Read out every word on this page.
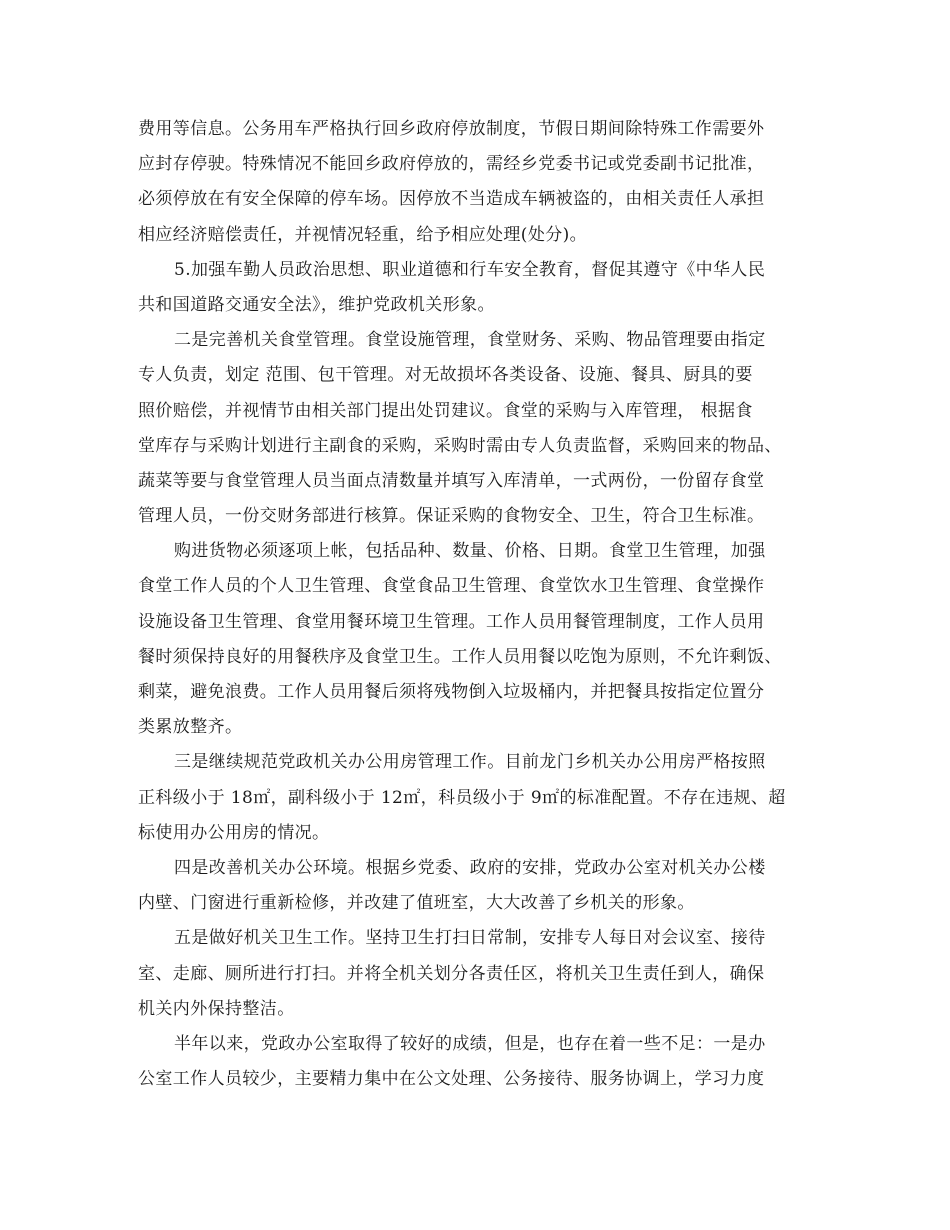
费用等信息。公务用车严格执行回乡政府停放制度，节假日期间除特殊工作需要外
应封存停驶。特殊情况不能回乡政府停放的，需经乡党委书记或党委副书记批准，
必须停放在有安全保障的停车场。因停放不当造成车辆被盗的，由相关责任人承担
相应经济赔偿责任，并视情况轻重，给予相应处理(处分)。
5.加强车勤人员政治思想、职业道德和行车安全教育，督促其遵守《中华人民
共和国道路交通安全法》，维护党政机关形象。
二是完善机关食堂管理。食堂设施管理，食堂财务、采购、物品管理要由指定
专人负责，划定 范围、包干管理。对无故损坏各类设备、设施、餐具、厨具的要
照价赔偿，并视情节由相关部门提出处罚建议。食堂的采购与入库管理， 根据食
堂库存与采购计划进行主副食的采购，采购时需由专人负责监督，采购回来的物品、
蔬菜等要与食堂管理人员当面点清数量并填写入库清单，一式两份，一份留存食堂
管理人员，一份交财务部进行核算。保证采购的食物安全、卫生，符合卫生标准。
购进货物必须逐项上帐，包括品种、数量、价格、日期。食堂卫生管理，加强
食堂工作人员的个人卫生管理、食堂食品卫生管理、食堂饮水卫生管理、食堂操作
设施设备卫生管理、食堂用餐环境卫生管理。工作人员用餐管理制度，工作人员用
餐时须保持良好的用餐秩序及食堂卫生。工作人员用餐以吃饱为原则，不允许剩饭、
剩菜，避免浪费。工作人员用餐后须将残物倒入垃圾桶内，并把餐具按指定位置分
类累放整齐。
三是继续规范党政机关办公用房管理工作。目前龙门乡机关办公用房严格按照
正科级小于 18㎡，副科级小于 12㎡，科员级小于 9㎡的标准配置。不存在违规、超
标使用办公用房的情况。
四是改善机关办公环境。根据乡党委、政府的安排，党政办公室对机关办公楼
内壁、门窗进行重新检修，并改建了值班室，大大改善了乡机关的形象。
五是做好机关卫生工作。坚持卫生打扫日常制，安排专人每日对会议室、接待
室、走廊、厕所进行打扫。并将全机关划分各责任区，将机关卫生责任到人，确保
机关内外保持整洁。
半年以来，党政办公室取得了较好的成绩，但是，也存在着一些不足：一是办
公室工作人员较少，主要精力集中在公文处理、公务接待、服务协调上，学习力度
